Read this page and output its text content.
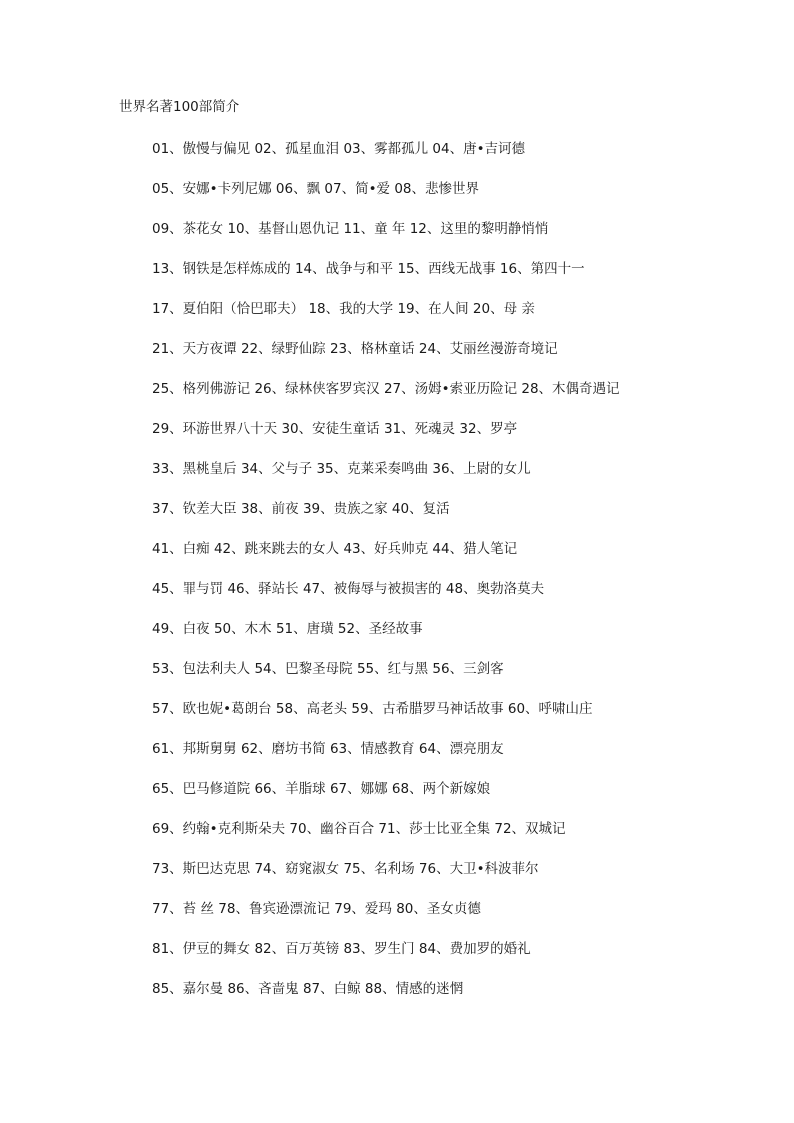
世界名著100部简介
01、傲慢与偏见 02、孤星血泪 03、雾都孤儿 04、唐•吉诃德
05、安娜•卡列尼娜 06、飘 07、简•爱 08、悲惨世界
09、茶花女 10、基督山恩仇记 11、童 年 12、这里的黎明静悄悄
13、钢铁是怎样炼成的 14、战争与和平 15、西线无战事 16、第四十一
17、夏伯阳（恰巴耶夫） 18、我的大学 19、在人间 20、母 亲
21、天方夜谭 22、绿野仙踪 23、格林童话 24、艾丽丝漫游奇境记
25、格列佛游记 26、绿林侠客罗宾汉 27、汤姆•索亚历险记 28、木偶奇遇记
29、环游世界八十天 30、安徒生童话 31、死魂灵 32、罗亭
33、黑桃皇后 34、父与子 35、克莱采奏鸣曲 36、上尉的女儿
37、钦差大臣 38、前夜 39、贵族之家 40、复活
41、白痴 42、跳来跳去的女人 43、好兵帅克 44、猎人笔记
45、罪与罚 46、驿站长 47、被侮辱与被损害的 48、奥勃洛莫夫
49、白夜 50、木木 51、唐璜 52、圣经故事
53、包法利夫人 54、巴黎圣母院 55、红与黑 56、三剑客
57、欧也妮•葛朗台 58、高老头 59、古希腊罗马神话故事 60、呼啸山庄
61、邦斯舅舅 62、磨坊书简 63、情感教育 64、漂亮朋友
65、巴马修道院 66、羊脂球 67、娜娜 68、两个新嫁娘
69、约翰•克利斯朵夫 70、幽谷百合 71、莎士比亚全集 72、双城记
73、斯巴达克思 74、窈窕淑女 75、名利场 76、大卫•科波菲尔
77、苔 丝 78、鲁宾逊漂流记 79、爱玛 80、圣女贞德
81、伊豆的舞女 82、百万英镑 83、罗生门 84、费加罗的婚礼
85、嘉尔曼 86、吝啬鬼 87、白鲸 88、情感的迷惘
